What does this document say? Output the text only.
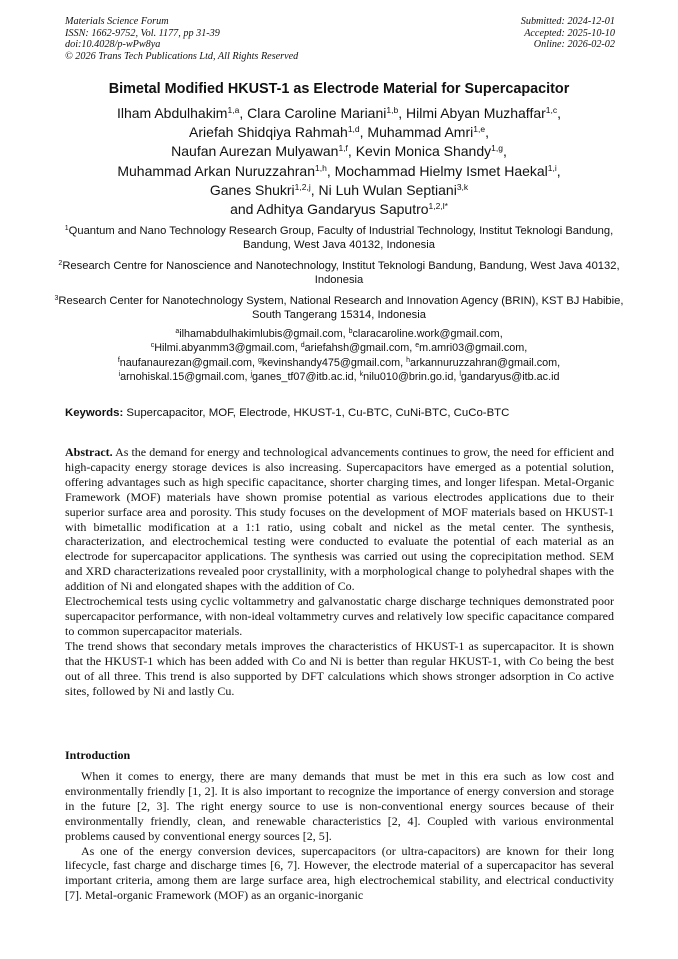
Materials Science Forum
ISSN: 1662-9752, Vol. 1177, pp 31-39
doi:10.4028/p-wPw8ya
© 2026 Trans Tech Publications Ltd, All Rights Reserved
Submitted: 2024-12-01
Accepted: 2025-10-10
Online: 2026-02-02
Bimetal Modified HKUST-1 as Electrode Material for Supercapacitor
Ilham Abdulhakim$^{1,a}$, Clara Caroline Mariani$^{1,b}$, Hilmi Abyan Muzhaffar$^{1,c}$,
Ariefah Shidqiya Rahmah$^{1,d}$, Muhammad Amri$^{1,e}$,
Naufan Aurezan Mulyawan$^{1,f}$, Kevin Monica Shandy$^{1,g}$,
Muhammad Arkan Nuruzzahran$^{1,h}$, Mochammad Hielmy Ismet Haekal$^{1,i}$,
Ganes Shukri$^{1,2,j}$, Ni Luh Wulan Septiani$^{3,k}$
and Adhitya Gandaryus Saputro$^{1,2,l*}$
$^1$Quantum and Nano Technology Research Group, Faculty of Industrial Technology, Institut Teknologi Bandung, Bandung, West Java 40132, Indonesia
$^2$Research Centre for Nanoscience and Nanotechnology, Institut Teknologi Bandung, Bandung, West Java 40132, Indonesia
$^3$Research Center for Nanotechnology System, National Research and Innovation Agency (BRIN), KST BJ Habibie, South Tangerang 15314, Indonesia
$^a$ilhamabdulhakimlubis@gmail.com, $^b$claracaroline.work@gmail.com,
$^c$Hilmi.abyanmm3@gmail.com, $^d$ariefahsh@gmail.com, $^e$m.amri03@gmail.com,
$^f$naufanaurezan@gmail.com, $^g$kevinshandy475@gmail.com, $^h$arkannuruzzahran@gmail.com,
$^i$arnohiskal.15@gmail.com, $^j$ganes_tf07@itb.ac.id, $^k$nilu010@brin.go.id, $^l$gandaryus@itb.ac.id
Keywords: Supercapacitor, MOF, Electrode, HKUST-1, Cu-BTC, CuNi-BTC, CuCo-BTC

Abstract. As the demand for energy and technological advancements continues to grow, the need for efficient and high-capacity energy storage devices is also increasing. Supercapacitors have emerged as a potential solution, offering advantages such as high specific capacitance, shorter charging times, and longer lifespan. Metal-Organic Framework (MOF) materials have shown promise potential as various electrodes applications due to their superior surface area and porosity. This study focuses on the development of MOF materials based on HKUST-1 with bimetallic modification at a 1:1 ratio, using cobalt and nickel as the metal center. The synthesis, characterization, and electrochemical testing were conducted to evaluate the potential of each material as an electrode for supercapacitor applications. The synthesis was carried out using the coprecipitation method. SEM and XRD characterizations revealed poor crystallinity, with a morphological change to polyhedral shapes with the addition of Ni and elongated shapes with the addition of Co.

Electrochemical tests using cyclic voltammetry and galvanostatic charge discharge techniques demonstrated poor supercapacitor performance, with non-ideal voltammetry curves and relatively low specific capacitance compared to common supercapacitor materials.

The trend shows that secondary metals improves the characteristics of HKUST-1 as supercapacitor. It is shown that the HKUST-1 which has been added with Co and Ni is better than regular HKUST-1, with Co being the best out of all three. This trend is also supported by DFT calculations which shows stronger adsorption in Co active sites, followed by Ni and lastly Cu.

Introduction

When it comes to energy, there are many demands that must be met in this era such as low cost and environmentally friendly [1, 2]. It is also important to recognize the importance of energy conversion and storage in the future [2, 3]. The right energy source to use is non-conventional energy sources because of their environmentally friendly, clean, and renewable characteristics [2, 4]. Coupled with various environmental problems caused by conventional energy sources [2, 5].

As one of the energy conversion devices, supercapacitors (or ultra-capacitors) are known for their long lifecycle, fast charge and discharge times [6, 7]. However, the electrode material of a supercapacitor has several important criteria, among them are large surface area, high electrochemical stability, and electrical conductivity [7]. Metal-organic Framework (MOF) as an organic-inorganic
